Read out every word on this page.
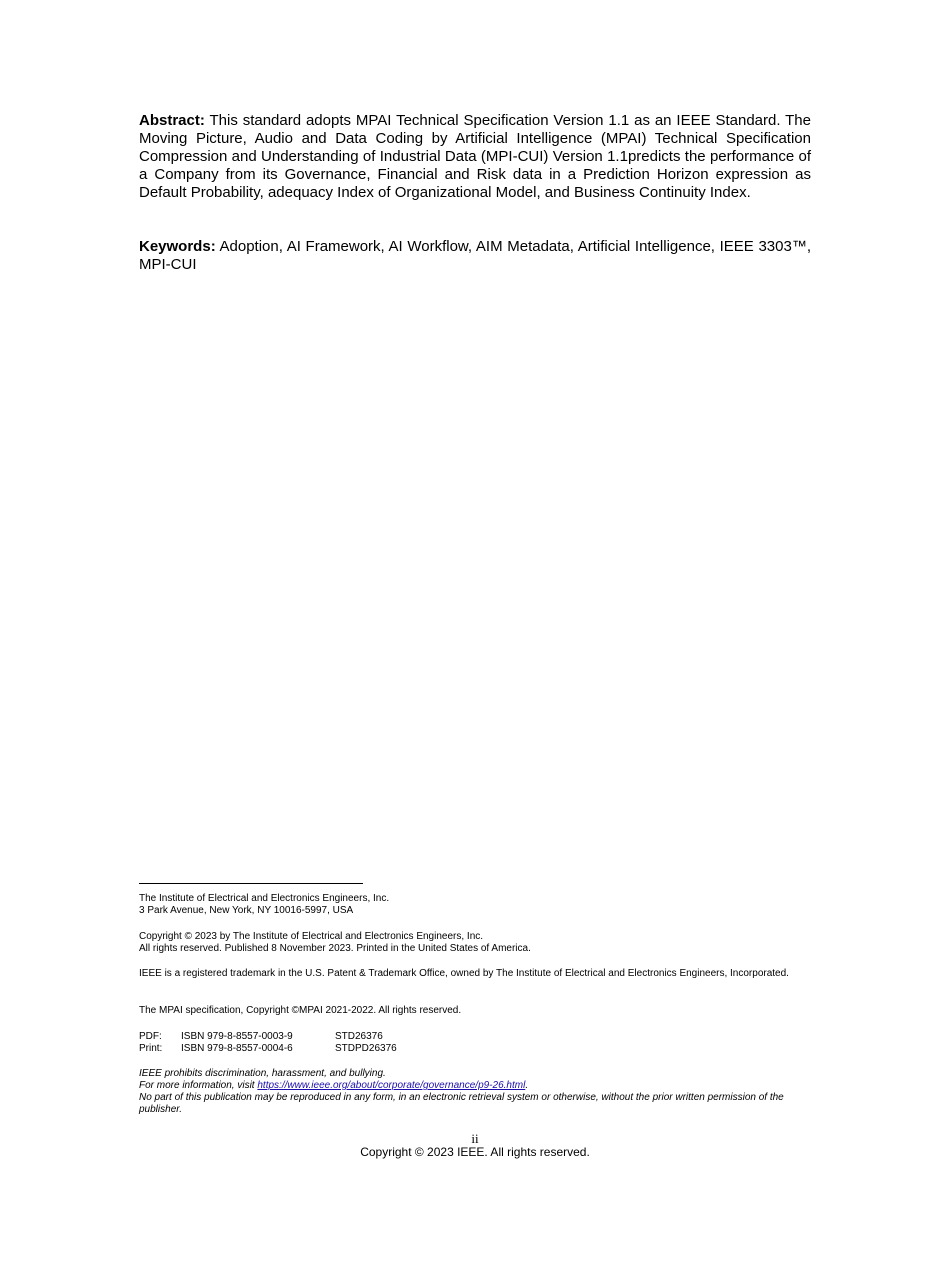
Abstract: This standard adopts MPAI Technical Specification Version 1.1 as an IEEE Standard. The Moving Picture, Audio and Data Coding by Artificial Intelligence (MPAI) Technical Specification Compression and Understanding of Industrial Data (MPI-CUI) Version 1.1predicts the performance of a Company from its Governance, Financial and Risk data in a Prediction Horizon expression as Default Probability, adequacy Index of Organizational Model, and Business Continuity Index.

Keywords: Adoption, AI Framework, AI Workflow, AIM Metadata, Artificial Intelligence, IEEE 3303™, MPI-CUI

The Institute of Electrical and Electronics Engineers, Inc.

3 Park Avenue, New York, NY 10016-5997, USA

Copyright © 2023 by The Institute of Electrical and Electronics Engineers, Inc.

All rights reserved. Published 8 November 2023. Printed in the United States of America.

IEEE is a registered trademark in the U.S. Patent & Trademark Office, owned by The Institute of Electrical and Electronics Engineers, Incorporated.

The MPAI specification, Copyright ©MPAI 2021-2022. All rights reserved.

PDF:	ISBN 979-8-8557-0003-9	STD26376
Print:	ISBN 979-8-8557-0004-6	STDPD26376

IEEE prohibits discrimination, harassment, and bullying.

For more information, visit https://www.ieee.org/about/corporate/governance/p9-26.html.

No part of this publication may be reproduced in any form, in an electronic retrieval system or otherwise, without the prior written permission of the publisher.

ii
Copyright © 2023 IEEE. All rights reserved.
